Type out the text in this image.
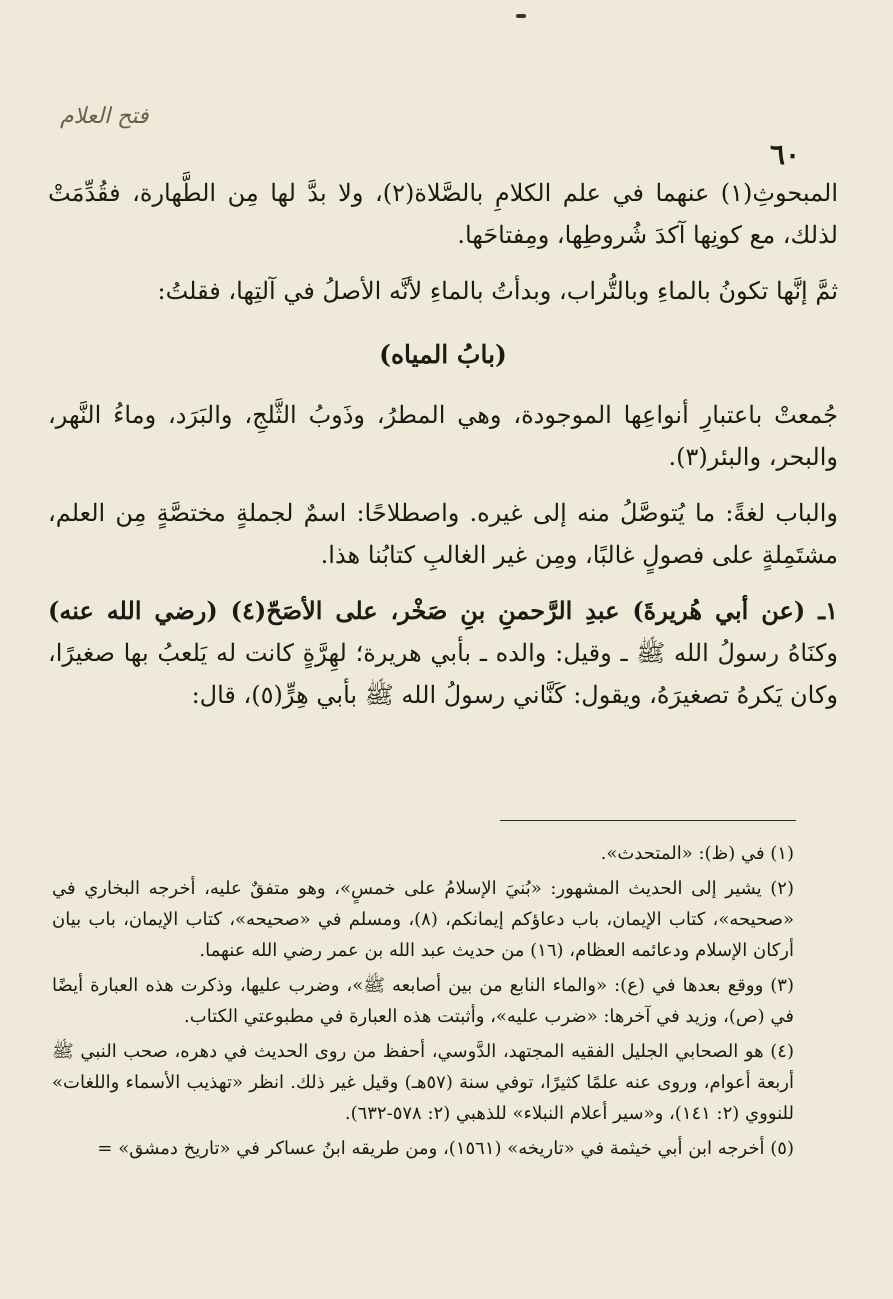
فتح العلام
٦٠

المبحوثِ(١) عنهما في علم الكلامِ بالصَّلاة(٢)، ولا بدَّ لها مِن الطَّهارة، فقُدِّمَتْ لذلك، مع كونِها آكدَ شُروطِها، ومِفتاحَها.

ثمَّ إنَّها تكونُ بالماءِ وبالتُّراب، وبدأتُ بالماءِ لأنَّه الأصلُ في آلتِها، فقلتُ:

(بابُ المياه)

جُمعتْ باعتبارِ أنواعِها الموجودة، وهي المطرُ، وذَوبُ الثَّلجِ، والبَرَد، وماءُ النَّهر، والبحر، والبئر(٣).

والباب لغةً: ما يُتوصَّلُ منه إلى غيره. واصطلاحًا: اسمٌ لجملةٍ مختصَّةٍ مِن العلم، مشتَمِلةٍ على فصولٍ غالبًا، ومِن غير الغالبِ كتابُنا هذا.

١ـ (عن أبي هُريرةَ) عبدِ الرَّحمنِ بنِ صَخْر، على الأصَحّ(٤) (رضي الله عنه) وكنَاهُ رسولُ الله ﷺ ـ وقيل: والده ـ بأبي هريرة؛ لهِرَّةٍ كانت له يَلعبُ بها صغيرًا، وكان يَكرهُ تصغيرَهُ، ويقول: كَنَّاني رسولُ الله ﷺ بأبي هِرٍّ(٥)، قال:

(١) في (ظ): «المتحدث».

(٢) يشير إلى الحديث المشهور: «بُنيَ الإسلامُ على خمسٍ»، وهو متفقٌ عليه، أخرجه البخاري في «صحيحه»، كتاب الإيمان، باب دعاؤكم إيمانكم، (٨)، ومسلم في «صحيحه»، كتاب الإيمان، باب بيان أركان الإسلام ودعائمه العظام، (١٦) من حديث عبد الله بن عمر رضي الله عنهما.

(٣) ووقع بعدها في (ع): «والماء النابع من بين أصابعه ﷺ»، وضرب عليها، وذكرت هذه العبارة أيضًا في (ص)، وزيد في آخرها: «ضرب عليه»، وأثبتت هذه العبارة في مطبوعتي الكتاب.

(٤) هو الصحابي الجليل الفقيه المجتهد، الدَّوسي، أحفظ من روى الحديث في دهره، صحب النبي ﷺ أربعة أعوام، وروى عنه علمًا كثيرًا، توفي سنة (٥٧هـ) وقيل غير ذلك. انظر «تهذيب الأسماء واللغات» للنووي (٢: ١٤١)، و«سير أعلام النبلاء» للذهبي (٢: ٥٧٨-٦٣٢).

(٥) أخرجه ابن أبي خيثمة في «تاريخه» (١٥٦١)، ومن طريقه ابنُ عساكر في «تاريخ دمشق» =
